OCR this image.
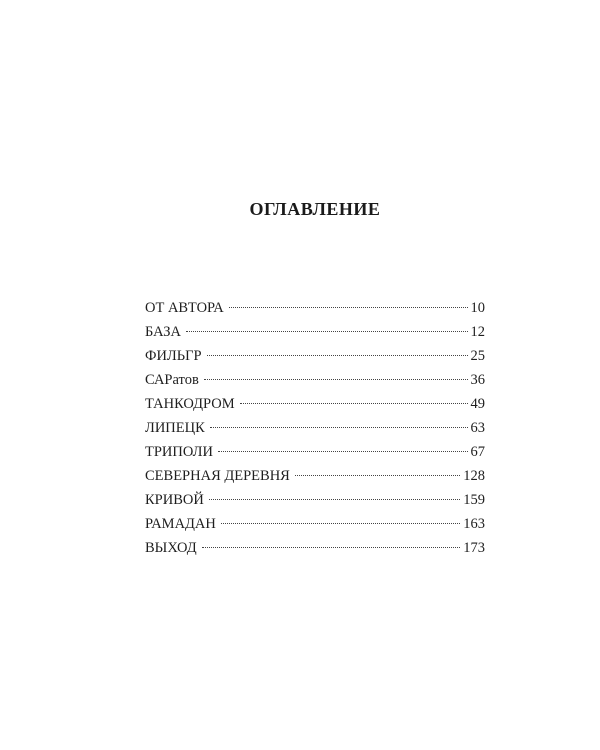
ОГЛАВЛЕНИЕ
ОТ АВТОРА	10
БАЗА	12
ФИЛЬГР	25
САРатов	36
ТАНКОДРОМ	49
ЛИПЕЦК	63
ТРИПОЛИ	67
СЕВЕРНАЯ ДЕРЕВНЯ	128
КРИВОЙ	159
РАМАДАН	163
ВЫХОД	173
